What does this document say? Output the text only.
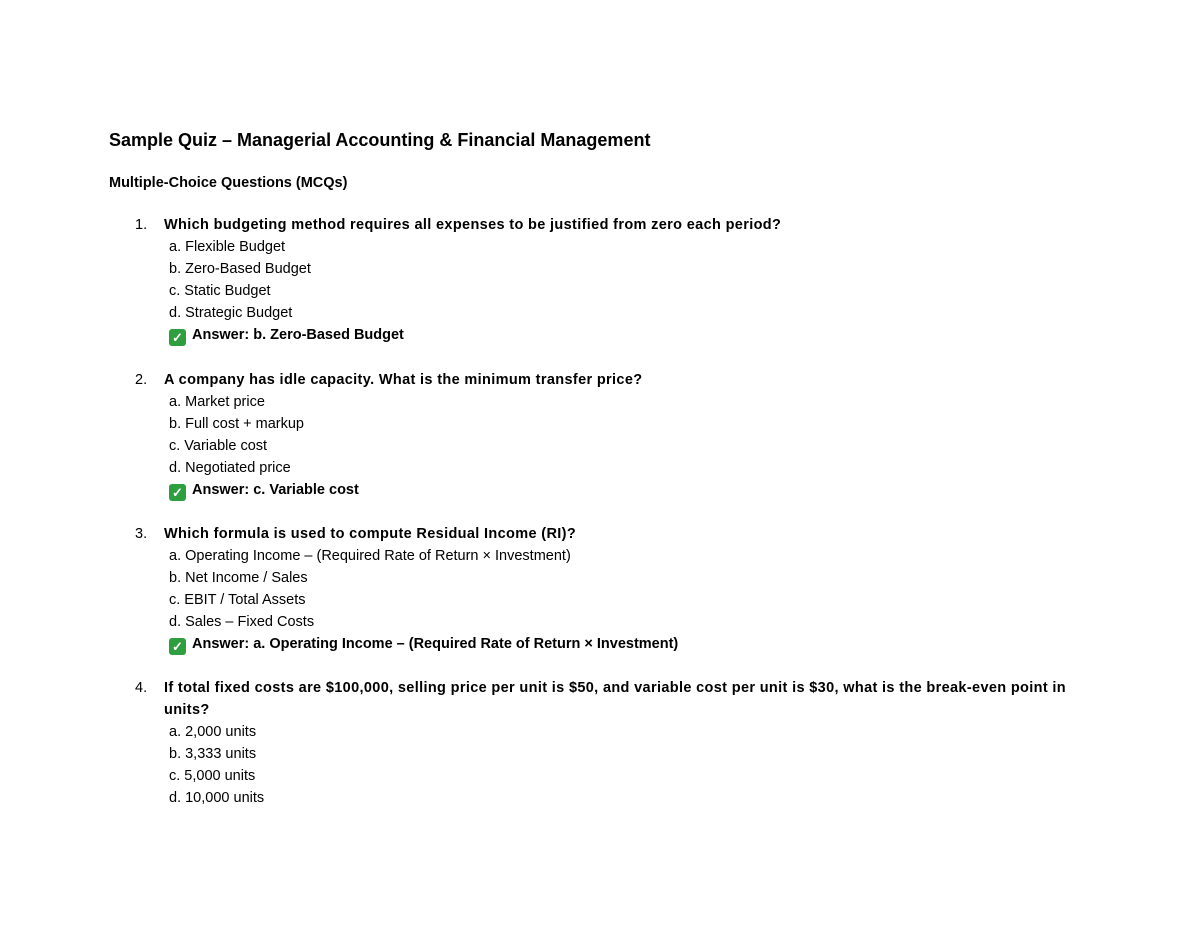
Sample Quiz – Managerial Accounting & Financial Management
Multiple-Choice Questions (MCQs)
1. Which budgeting method requires all expenses to be justified from zero each period?
a. Flexible Budget
b. Zero-Based Budget
c. Static Budget
d. Strategic Budget
✓ Answer: b. Zero-Based Budget
2. A company has idle capacity. What is the minimum transfer price?
a. Market price
b. Full cost + markup
c. Variable cost
d. Negotiated price
✓ Answer: c. Variable cost
3. Which formula is used to compute Residual Income (RI)?
a. Operating Income – (Required Rate of Return × Investment)
b. Net Income / Sales
c. EBIT / Total Assets
d. Sales – Fixed Costs
✓ Answer: a. Operating Income – (Required Rate of Return × Investment)
4. If total fixed costs are $100,000, selling price per unit is $50, and variable cost per unit is $30, what is the break-even point in units?
a. 2,000 units
b. 3,333 units
c. 5,000 units
d. 10,000 units
